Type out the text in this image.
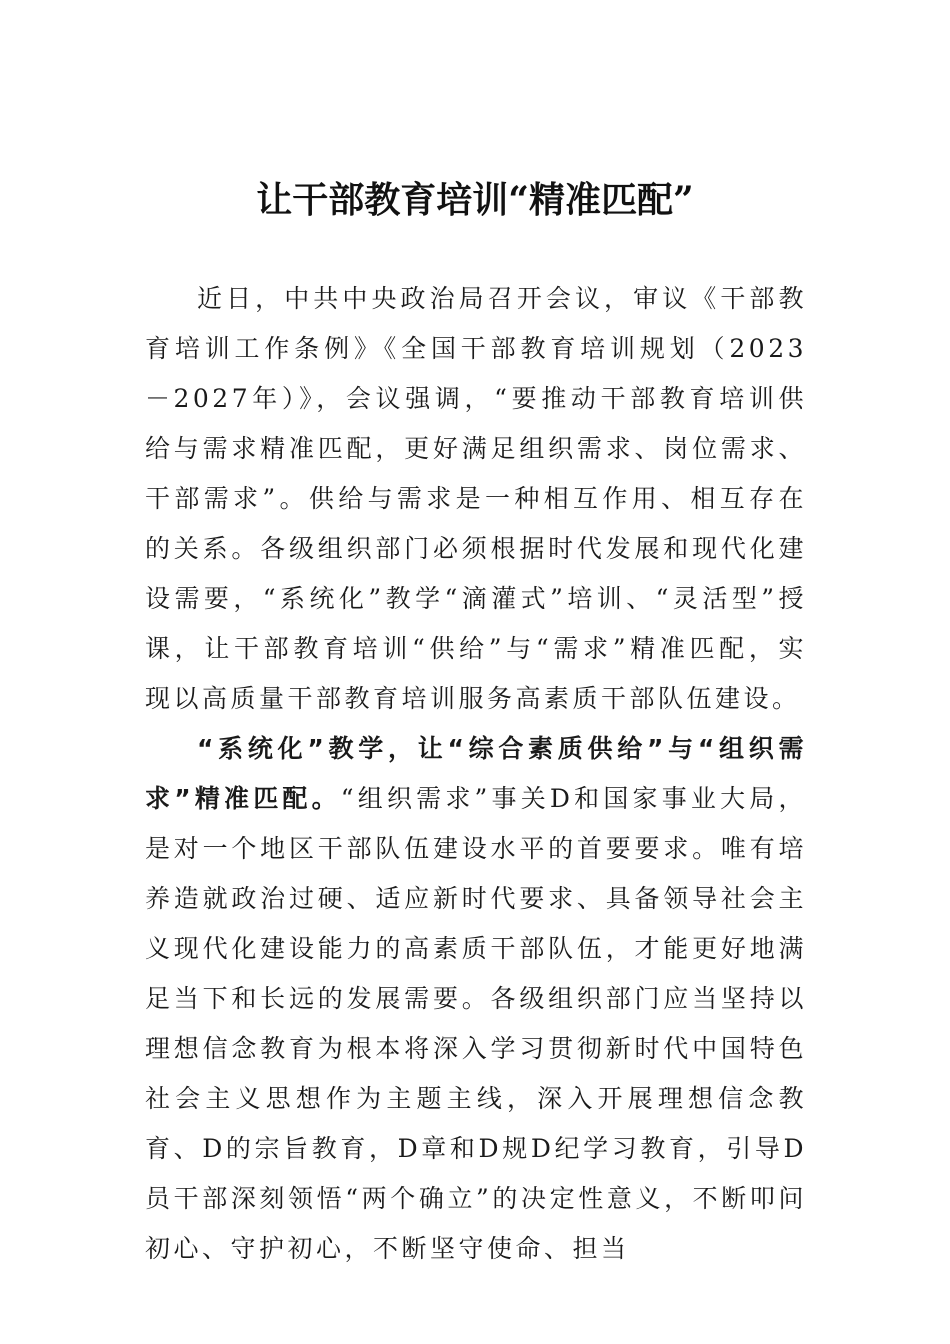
让干部教育培训“精准匹配”

近日，中共中央政治局召开会议，审议《干部教育培训工作条例》《全国干部教育培训规划（2023－2027年）》，会议强调，“要推动干部教育培训供给与需求精准匹配，更好满足组织需求、岗位需求、干部需求”。供给与需求是一种相互作用、相互存在的关系。各级组织部门必须根据时代发展和现代化建设需要，“系统化”教学“滴灌式”培训、“灵活型”授课，让干部教育培训“供给”与“需求”精准匹配，实现以高质量干部教育培训服务高素质干部队伍建设。

“系统化”教学，让“综合素质供给”与“组织需求”精准匹配。“组织需求”事关D和国家事业大局，是对一个地区干部队伍建设水平的首要要求。唯有培养造就政治过硬、适应新时代要求、具备领导社会主义现代化建设能力的高素质干部队伍，才能更好地满足当下和长远的发展需要。各级组织部门应当坚持以理想信念教育为根本将深入学习贯彻新时代中国特色社会主义思想作为主题主线，深入开展理想信念教育、D的宗旨教育，D章和D规D纪学习教育，引导D员干部深刻领悟“两个确立”的决定性意义，不断叩问初心、守护初心，不断坚守使命、担当
